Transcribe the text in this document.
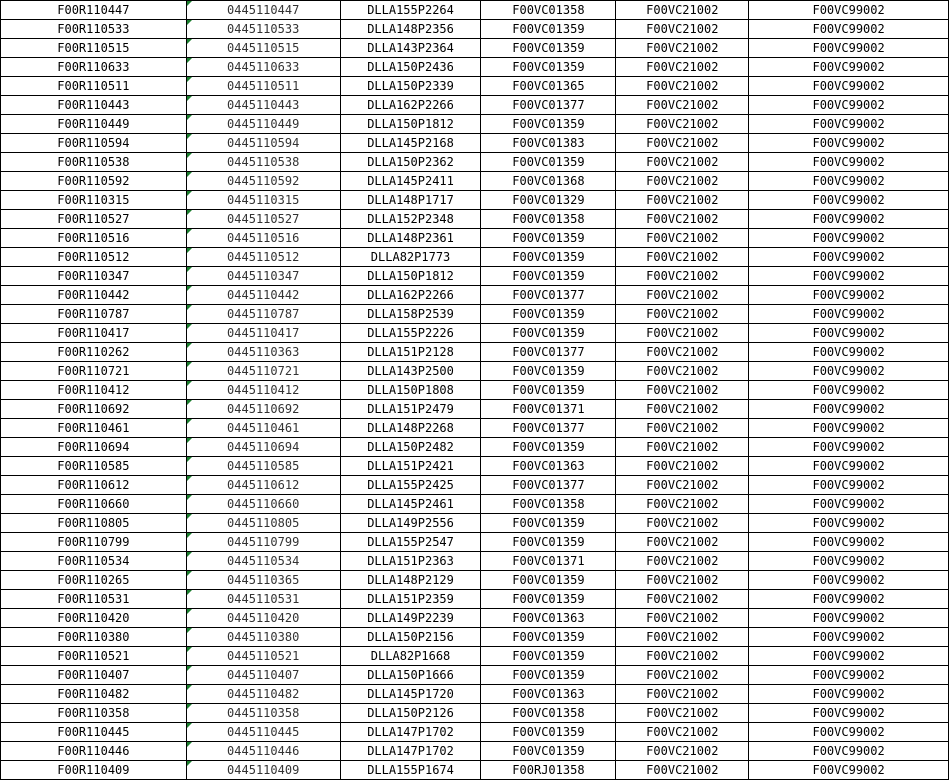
F00R110447	0445110447	DLLA155P2264	F00VC01358	F00VC21002	F00VC99002
F00R110533	0445110533	DLLA148P2356	F00VC01359	F00VC21002	F00VC99002
F00R110515	0445110515	DLLA143P2364	F00VC01359	F00VC21002	F00VC99002
F00R110633	0445110633	DLLA150P2436	F00VC01359	F00VC21002	F00VC99002
F00R110511	0445110511	DLLA150P2339	F00VC01365	F00VC21002	F00VC99002
F00R110443	0445110443	DLLA162P2266	F00VC01377	F00VC21002	F00VC99002
F00R110449	0445110449	DLLA150P1812	F00VC01359	F00VC21002	F00VC99002
F00R110594	0445110594	DLLA145P2168	F00VC01383	F00VC21002	F00VC99002
F00R110538	0445110538	DLLA150P2362	F00VC01359	F00VC21002	F00VC99002
F00R110592	0445110592	DLLA145P2411	F00VC01368	F00VC21002	F00VC99002
F00R110315	0445110315	DLLA148P1717	F00VC01329	F00VC21002	F00VC99002
F00R110527	0445110527	DLLA152P2348	F00VC01358	F00VC21002	F00VC99002
F00R110516	0445110516	DLLA148P2361	F00VC01359	F00VC21002	F00VC99002
F00R110512	0445110512	DLLA82P1773	F00VC01359	F00VC21002	F00VC99002
F00R110347	0445110347	DLLA150P1812	F00VC01359	F00VC21002	F00VC99002
F00R110442	0445110442	DLLA162P2266	F00VC01377	F00VC21002	F00VC99002
F00R110787	0445110787	DLLA158P2539	F00VC01359	F00VC21002	F00VC99002
F00R110417	0445110417	DLLA155P2226	F00VC01359	F00VC21002	F00VC99002
F00R110262	0445110363	DLLA151P2128	F00VC01377	F00VC21002	F00VC99002
F00R110721	0445110721	DLLA143P2500	F00VC01359	F00VC21002	F00VC99002
F00R110412	0445110412	DLLA150P1808	F00VC01359	F00VC21002	F00VC99002
F00R110692	0445110692	DLLA151P2479	F00VC01371	F00VC21002	F00VC99002
F00R110461	0445110461	DLLA148P2268	F00VC01377	F00VC21002	F00VC99002
F00R110694	0445110694	DLLA150P2482	F00VC01359	F00VC21002	F00VC99002
F00R110585	0445110585	DLLA151P2421	F00VC01363	F00VC21002	F00VC99002
F00R110612	0445110612	DLLA155P2425	F00VC01377	F00VC21002	F00VC99002
F00R110660	0445110660	DLLA145P2461	F00VC01358	F00VC21002	F00VC99002
F00R110805	0445110805	DLLA149P2556	F00VC01359	F00VC21002	F00VC99002
F00R110799	0445110799	DLLA155P2547	F00VC01359	F00VC21002	F00VC99002
F00R110534	0445110534	DLLA151P2363	F00VC01371	F00VC21002	F00VC99002
F00R110265	0445110365	DLLA148P2129	F00VC01359	F00VC21002	F00VC99002
F00R110531	0445110531	DLLA151P2359	F00VC01359	F00VC21002	F00VC99002
F00R110420	0445110420	DLLA149P2239	F00VC01363	F00VC21002	F00VC99002
F00R110380	0445110380	DLLA150P2156	F00VC01359	F00VC21002	F00VC99002
F00R110521	0445110521	DLLA82P1668	F00VC01359	F00VC21002	F00VC99002
F00R110407	0445110407	DLLA150P1666	F00VC01359	F00VC21002	F00VC99002
F00R110482	0445110482	DLLA145P1720	F00VC01363	F00VC21002	F00VC99002
F00R110358	0445110358	DLLA150P2126	F00VC01358	F00VC21002	F00VC99002
F00R110445	0445110445	DLLA147P1702	F00VC01359	F00VC21002	F00VC99002
F00R110446	0445110446	DLLA147P1702	F00VC01359	F00VC21002	F00VC99002
F00R110409	0445110409	DLLA155P1674	F00RJ01358	F00VC21002	F00VC99002
